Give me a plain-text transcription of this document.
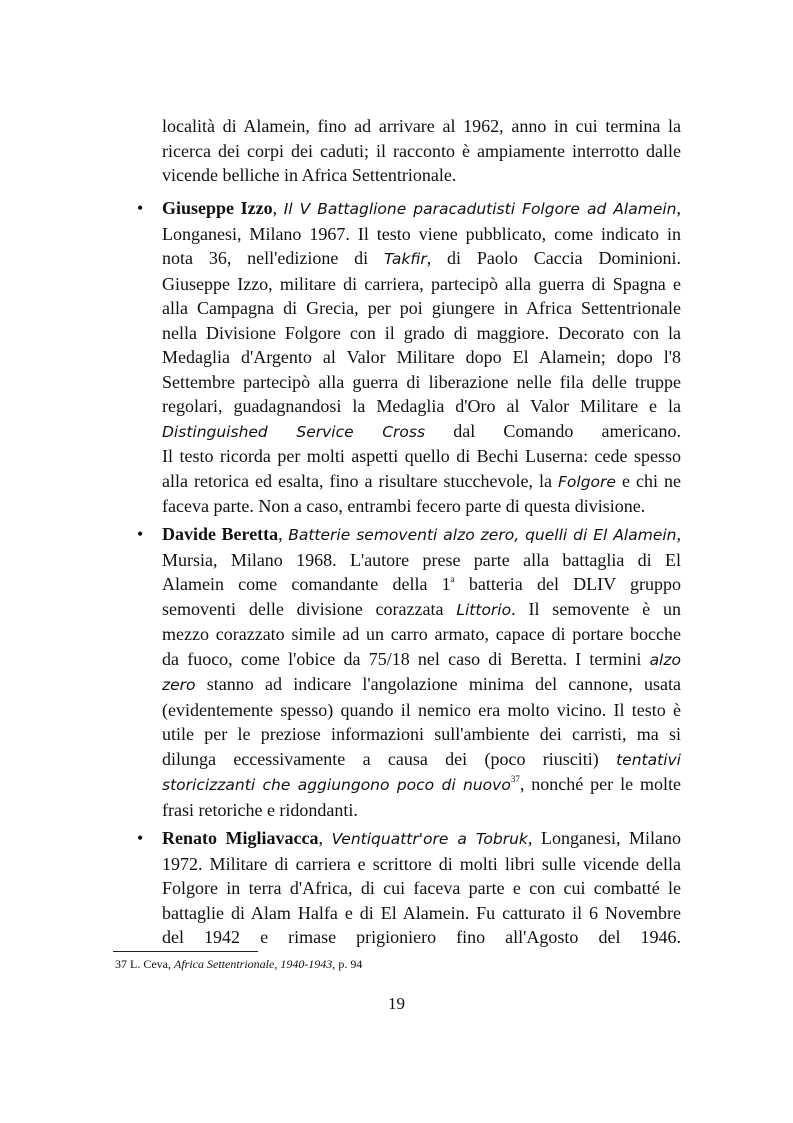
località di Alamein, fino ad arrivare al 1962, anno in cui termina la
ricerca dei corpi dei caduti; il racconto è ampiamente interrotto dalle
vicende belliche in Africa Settentrionale.
• Giuseppe Izzo, Il V Battaglione paracadutisti Folgore ad Alamein,
Longanesi, Milano 1967. Il testo viene pubblicato, come indicato in
nota 36, nell'edizione di Takfir, di Paolo Caccia Dominioni.
Giuseppe Izzo, militare di carriera, partecipò alla guerra di Spagna e
alla Campagna di Grecia, per poi giungere in Africa Settentrionale
nella Divisione Folgore con il grado di maggiore. Decorato con la
Medaglia d'Argento al Valor Militare dopo El Alamein; dopo l'8
Settembre partecipò alla guerra di liberazione nelle fila delle truppe
regolari, guadagnandosi la Medaglia d'Oro al Valor Militare e la
Distinguished Service Cross dal Comando americano.
Il testo ricorda per molti aspetti quello di Bechi Luserna: cede spesso
alla retorica ed esalta, fino a risultare stucchevole, la Folgore e chi ne
faceva parte. Non a caso, entrambi fecero parte di questa divisione.
• Davide Beretta, Batterie semoventi alzo zero, quelli di El Alamein,
Mursia, Milano 1968. L'autore prese parte alla battaglia di El
Alamein come comandante della 1$^a$ batteria del DLIV gruppo
semoventi delle divisione corazzata Littorio. Il semovente è un
mezzo corazzato simile ad un carro armato, capace di portare bocche
da fuoco, come l'obice da 75/18 nel caso di Beretta. I termini alzo
zero stanno ad indicare l'angolazione minima del cannone, usata
(evidentemente spesso) quando il nemico era molto vicino. Il testo è
utile per le preziose informazioni sull'ambiente dei carristi, ma si
dilunga eccessivamente a causa dei (poco riusciti) tentativi
storicizzanti che aggiungono poco di nuovo$^{37}$, nonché per le molte
frasi retoriche e ridondanti.
• Renato Migliavacca, Ventiquattr'ore a Tobruk, Longanesi, Milano
1972. Militare di carriera e scrittore di molti libri sulle vicende della
Folgore in terra d'Africa, di cui faceva parte e con cui combatté le
battaglie di Alam Halfa e di El Alamein. Fu catturato il 6 Novembre
del 1942 e rimase prigioniero fino all'Agosto del 1946.
37 L. Ceva, Africa Settentrionale, 1940-1943, p. 94
19
